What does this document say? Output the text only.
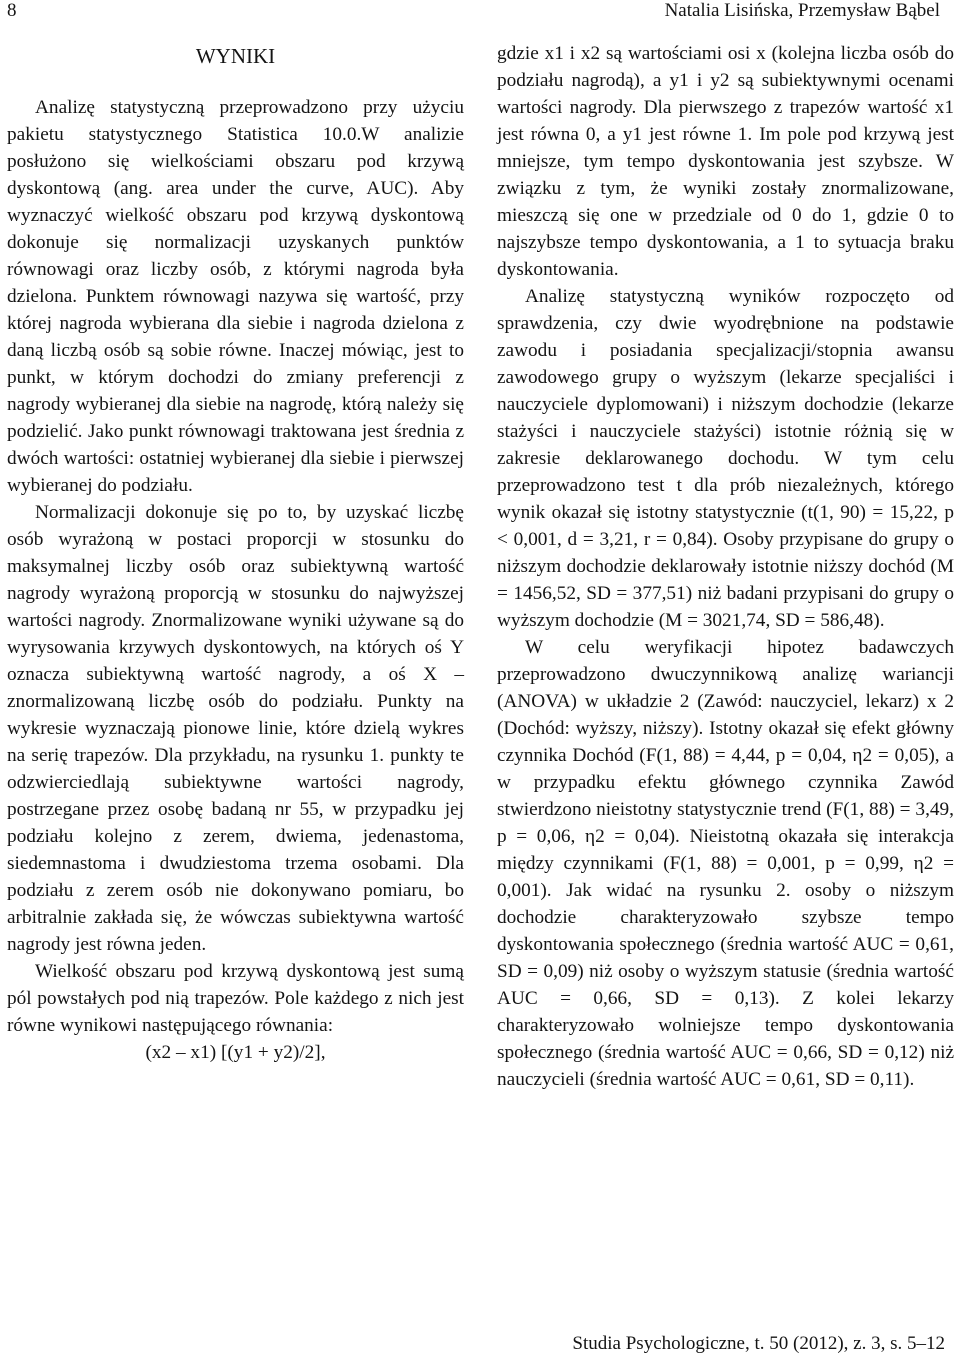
8	Natalia Lisińska, Przemysław Bąbel
WYNIKI

Analizę statystyczną przeprowadzono przy użyciu pakietu statystycznego Statistica 10.0.W analizie posłużono się wielkościami obszaru pod krzywą dyskontową (ang. area under the curve, AUC). Aby wyznaczyć wielkość obszaru pod krzywą dyskontową dokonuje się normalizacji uzyskanych punktów równowagi oraz liczby osób, z którymi nagroda była dzielona. Punktem równowagi nazywa się wartość, przy której nagroda wybierana dla siebie i nagroda dzielona z daną liczbą osób są sobie równe. Inaczej mówiąc, jest to punkt, w którym dochodzi do zmiany preferencji z nagrody wybieranej dla siebie na nagrodę, którą należy się podzielić. Jako punkt równowagi traktowana jest średnia z dwóch wartości: ostatniej wybieranej dla siebie i pierwszej wybieranej do podziału.

Normalizacji dokonuje się po to, by uzyskać liczbę osób wyrażoną w postaci proporcji w stosunku do maksymalnej liczby osób oraz subiektywną wartość nagrody wyrażoną proporcją w stosunku do najwyższej wartości nagrody. Znormalizowane wyniki używane są do wyrysowania krzywych dyskontowych, na których oś Y oznacza subiektywną wartość nagrody, a oś X – znormalizowaną liczbę osób do podziału. Punkty na wykresie wyznaczają pionowe linie, które dzielą wykres na serię trapezów. Dla przykładu, na rysunku 1. punkty te odzwierciedlają subiektywne wartości nagrody, postrzegane przez osobę badaną nr 55, w przypadku jej podziału kolejno z zerem, dwiema, jedenastoma, siedemnastoma i dwudziestoma trzema osobami. Dla podziału z zerem osób nie dokonywano pomiaru, bo arbitralnie zakłada się, że wówczas subiektywna wartość nagrody jest równa jeden.

Wielkość obszaru pod krzywą dyskontową jest sumą pól powstałych pod nią trapezów. Pole każdego z nich jest równe wynikowi następującego równania:

(x2 – x1) [(y1 + y2)/2],

gdzie x1 i x2 są wartościami osi x (kolejna liczba osób do podziału nagrodą), a y1 i y2 są subiektywnymi ocenami wartości nagrody. Dla pierwszego z trapezów wartość x1 jest równa 0, a y1 jest równe 1. Im pole pod krzywą jest mniejsze, tym tempo dyskontowania jest szybsze. W związku z tym, że wyniki zostały znormalizowane, mieszczą się one w przedziale od 0 do 1, gdzie 0 to najszybsze tempo dyskontowania, a 1 to sytuacja braku dyskontowania.

Analizę statystyczną wyników rozpoczęto od sprawdzenia, czy dwie wyodrębnione na podstawie zawodu i posiadania specjalizacji/stopnia awansu zawodowego grupy o wyższym (lekarze specjaliści i nauczyciele dyplomowani) i niższym dochodzie (lekarze stażyści i nauczyciele stażyści) istotnie różnią się w zakresie deklarowanego dochodu. W tym celu przeprowadzono test t dla prób niezależnych, którego wynik okazał się istotny statystycznie (t(1, 90) = 15,22, p < 0,001, d = 3,21, r = 0,84). Osoby przypisane do grupy o niższym dochodzie deklarowały istotnie niższy dochód (M = 1456,52, SD = 377,51) niż badani przypisani do grupy o wyższym dochodzie (M = 3021,74, SD = 586,48).

W celu weryfikacji hipotez badawczych przeprowadzono dwuczynnikową analizę wariancji (ANOVA) w układzie 2 (Zawód: nauczyciel, lekarz) x 2 (Dochód: wyższy, niższy). Istotny okazał się efekt główny czynnika Dochód (F(1, 88) = 4,44, p = 0,04, η2 = 0,05), a w przypadku efektu głównego czynnika Zawód stwierdzono nieistotny statystycznie trend (F(1, 88) = 3,49, p = 0,06, η2 = 0,04). Nieistotną okazała się interakcja między czynnikami (F(1, 88) = 0,001, p = 0,99, η2 = 0,001). Jak widać na rysunku 2. osoby o niższym dochodzie charakteryzowało szybsze tempo dyskontowania społecznego (średnia wartość AUC = 0,61, SD = 0,09) niż osoby o wyższym statusie (średnia wartość AUC = 0,66, SD = 0,13). Z kolei lekarzy charakteryzowało wolniejsze tempo dyskontowania społecznego (średnia wartość AUC = 0,66, SD = 0,12) niż nauczycieli (średnia wartość AUC = 0,61, SD = 0,11).

Studia Psychologiczne, t. 50 (2012), z. 3, s. 5–12
